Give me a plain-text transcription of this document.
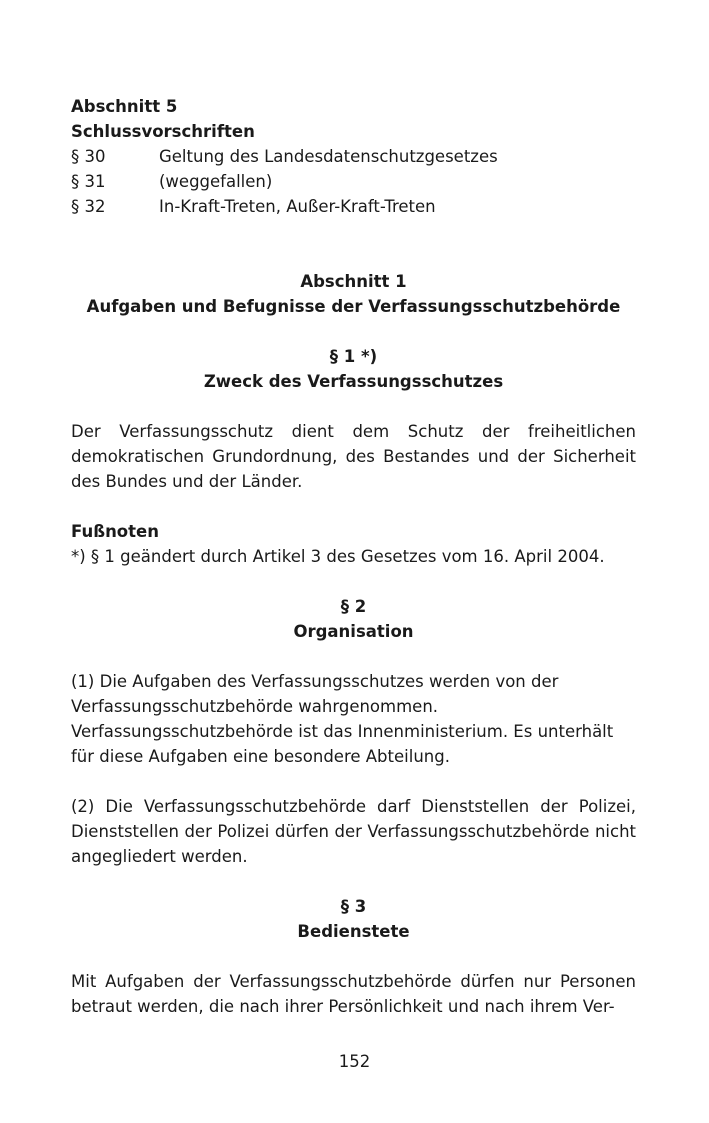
Abschnitt 5
Schlussvorschriften
§ 30	Geltung des Landesdatenschutzgesetzes
§ 31	(weggefallen)
§ 32	In-Kraft-Treten, Außer-Kraft-Treten
Abschnitt 1
Aufgaben und Befugnisse der Verfassungsschutzbehörde
§ 1 *)
Zweck des Verfassungsschutzes

Der Verfassungsschutz dient dem Schutz der freiheitlichen demokratischen Grundordnung, des Bestandes und der Sicherheit des Bundes und der Länder.

Fußnoten

*) § 1 geändert durch Artikel 3 des Gesetzes vom 16. April 2004.

§ 2
Organisation

(1) Die Aufgaben des Verfassungsschutzes werden von der Verfassungsschutzbehörde wahrgenommen. Verfassungsschutzbehörde ist das Innenministerium. Es unterhält für diese Aufgaben eine besondere Abteilung.

(2) Die Verfassungsschutzbehörde darf Dienststellen der Polizei, Dienststellen der Polizei dürfen der Verfassungsschutzbehörde nicht angegliedert werden.

§ 3
Bedienstete

Mit Aufgaben der Verfassungsschutzbehörde dürfen nur Personen betraut werden, die nach ihrer Persönlichkeit und nach ihrem Ver-

152
